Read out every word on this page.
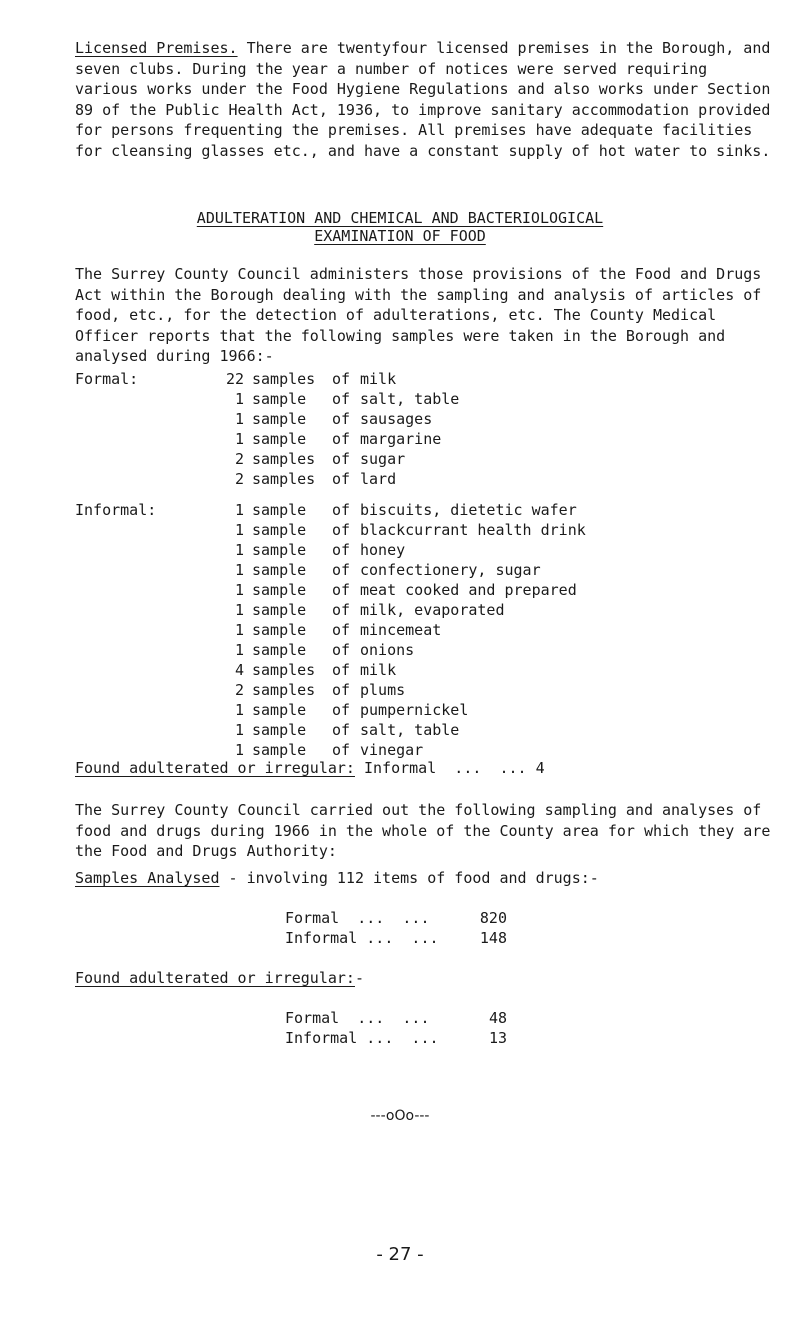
Licensed Premises. There are twentyfour licensed premises in the Borough, and seven clubs. During the year a number of notices were served requiring various works under the Food Hygiene Regulations and also works under Section 89 of the Public Health Act, 1936, to improve sanitary accommodation provided for persons frequenting the premises. All premises have adequate facilities for cleansing glasses etc., and have a constant supply of hot water to sinks.
ADULTERATION AND CHEMICAL AND BACTERIOLOGICAL
EXAMINATION OF FOOD
The Surrey County Council administers those provisions of the Food and Drugs Act within the Borough dealing with the sampling and analysis of articles of food, etc., for the detection of adulterations, etc. The County Medical Officer reports that the following samples were taken in the Borough and analysed during 1966:-
Formal:	22 samples	of milk
1 sample	of salt, table
1 sample	of sausages
1 sample	of margarine
2 samples	of sugar
2 samples	of lard
Informal:	1 sample	of biscuits, dietetic wafer
1 sample	of blackcurrant health drink
1 sample	of honey
1 sample	of confectionery, sugar
1 sample	of meat cooked and prepared
1 sample	of milk, evaporated
1 sample	of mincemeat
1 sample	of onions
4 samples	of milk
2 samples	of plums
1 sample	of pumpernickel
1 sample	of salt, table
1 sample	of vinegar
Found adulterated or irregular: Informal  ...  ... 4
The Surrey County Council carried out the following sampling and analyses of food and drugs during 1966 in the whole of the County area for which they are the Food and Drugs Authority:
Samples Analysed - involving 112 items of food and drugs:-
Formal  ...  ...	820
Informal ...  ...	148
Found adulterated or irregular:-
Formal  ...  ...	48
Informal ...  ...	13
---oOo---
- 27 -
